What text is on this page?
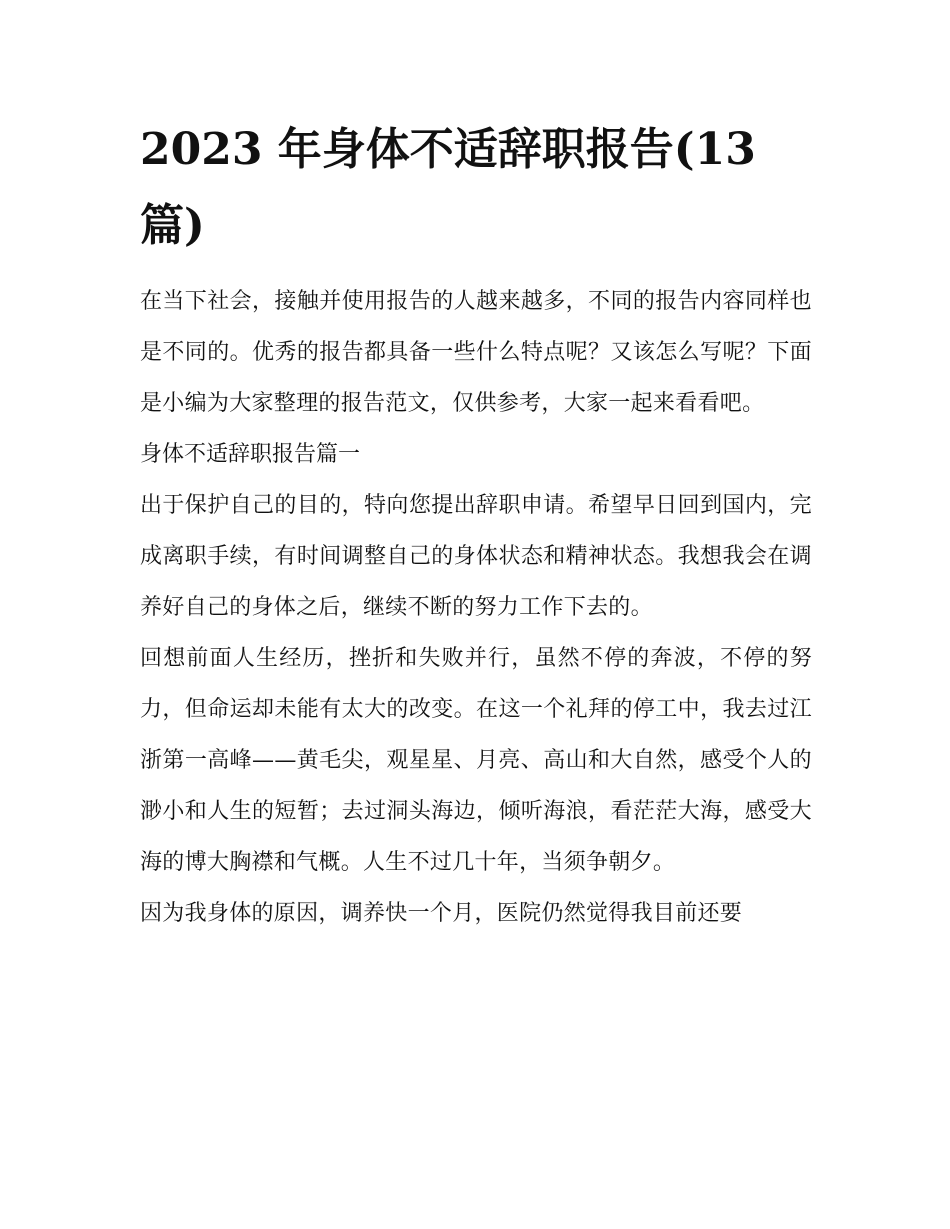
2023 年身体不适辞职报告(13 篇)

在当下社会，接触并使用报告的人越来越多，不同的报告内容同样也是不同的。优秀的报告都具备一些什么特点呢？又该怎么写呢？下面是小编为大家整理的报告范文，仅供参考，大家一起来看看吧。

身体不适辞职报告篇一

出于保护自己的目的，特向您提出辞职申请。希望早日回到国内，完成离职手续，有时间调整自己的身体状态和精神状态。我想我会在调养好自己的身体之后，继续不断的努力工作下去的。

回想前面人生经历，挫折和失败并行，虽然不停的奔波，不停的努力，但命运却未能有太大的改变。在这一个礼拜的停工中，我去过江浙第一高峰——黄毛尖，观星星、月亮、高山和大自然，感受个人的渺小和人生的短暂；去过洞头海边，倾听海浪，看茫茫大海，感受大海的博大胸襟和气概。人生不过几十年，当须争朝夕。

因为我身体的原因，调养快一个月，医院仍然觉得我目前还要
